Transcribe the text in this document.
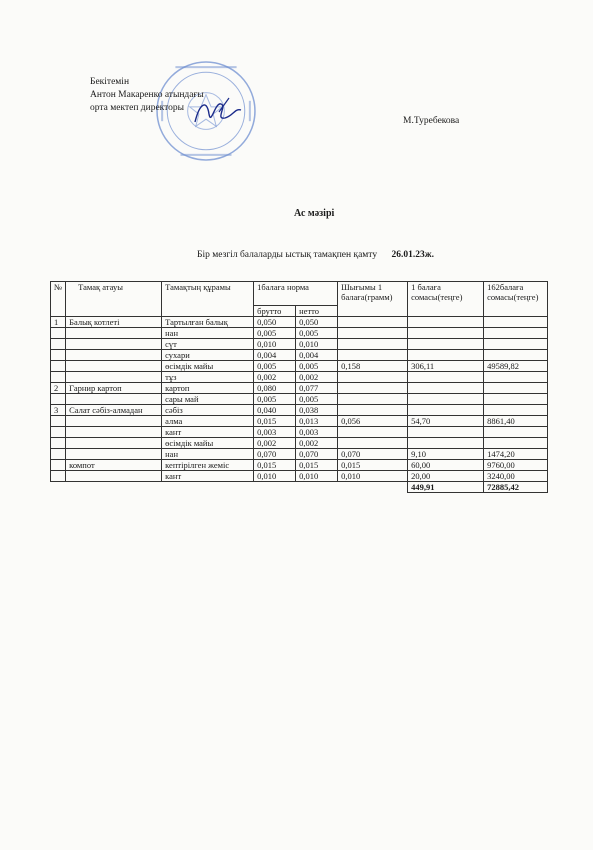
Бекітемін
Антон Макаренко атындағы
орта мектеп директоры
М.Туребекова
Ас мәзірі
Бір мезгіл балаларды ыстық тамақпен қамту 26.01.23ж.
№	Тамақ атауы	Тамақтың құрамы	1балаға норма		Шығымы 1 балаға(грамм)	1 балаға сомасы(теңге)	162балаға сомасы(теңге)
			брутто	нетто			
1	Балық котлеті	Тартылған балық	0,050	0,050			
		нан	0,005	0,005			
		сүт	0,010	0,010			
		сухари	0,004	0,004			
		өсімдік майы	0,005	0,005	0,158	306,11	49589,82
		тұз	0,002	0,002			
2	Гарнир картоп	картоп	0,080	0,077			
		сары май	0,005	0,005			
3	Салат сәбіз-алмадан	сәбіз	0,040	0,038			
		алма	0,015	0,013	0,056	54,70	8861,40
		кант	0,003	0,003			
		өсімдік майы	0,002	0,002			
		нан	0,070	0,070	0,070	9,10	1474,20
	компот	кептірілген жеміс	0,015	0,015	0,015	60,00	9760,00
		кант	0,010	0,010	0,010	20,00	3240,00
						449,91	72885,42
